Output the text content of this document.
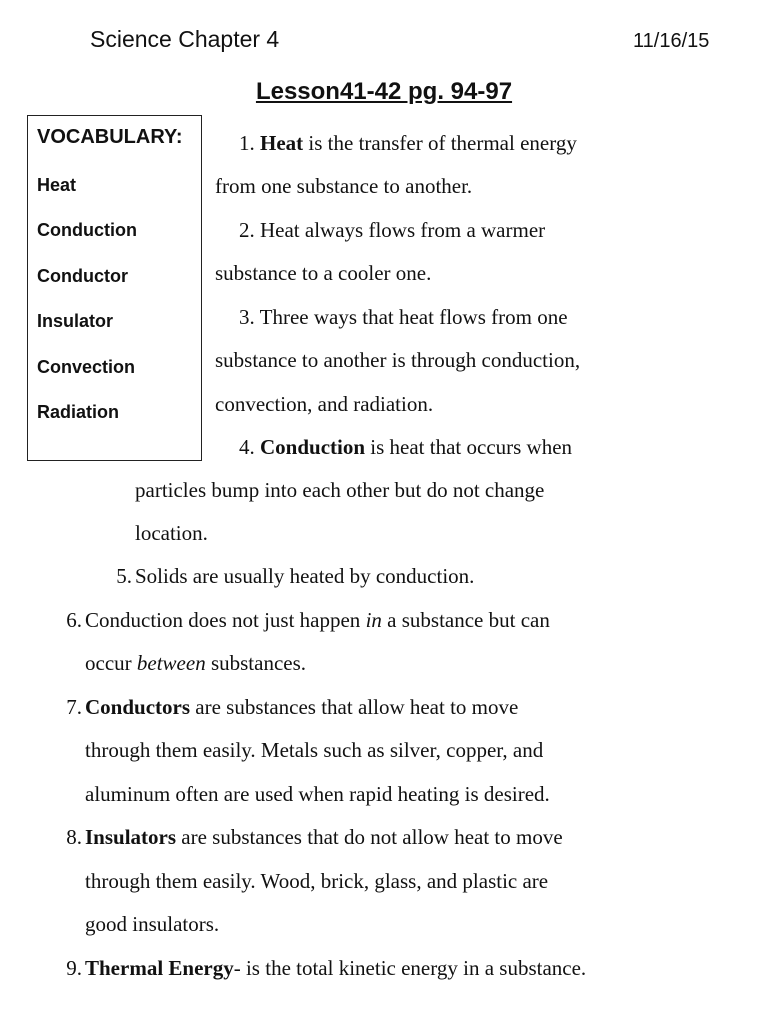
Science Chapter 4	11/16/15
Lesson41-42 pg. 94-97
VOCABULARY:
Heat
Conduction
Conductor
Insulator
Convection
Radiation
1. Heat is the transfer of thermal energy
from one substance to another.
2. Heat always flows from a warmer
substance to a cooler one.
3. Three ways that heat flows from one
substance to another is through conduction,
convection, and radiation.
4. Conduction is heat that occurs when
particles bump into each other but do not change
location.
5. Solids are usually heated by conduction.
6. Conduction does not just happen in a substance but can
occur between substances.
7. Conductors are substances that allow heat to move
through them easily. Metals such as silver, copper, and
aluminum often are used when rapid heating is desired.
8. Insulators are substances that do not allow heat to move
through them easily. Wood, brick, glass, and plastic are
good insulators.
9. Thermal Energy- is the total kinetic energy in a substance.
